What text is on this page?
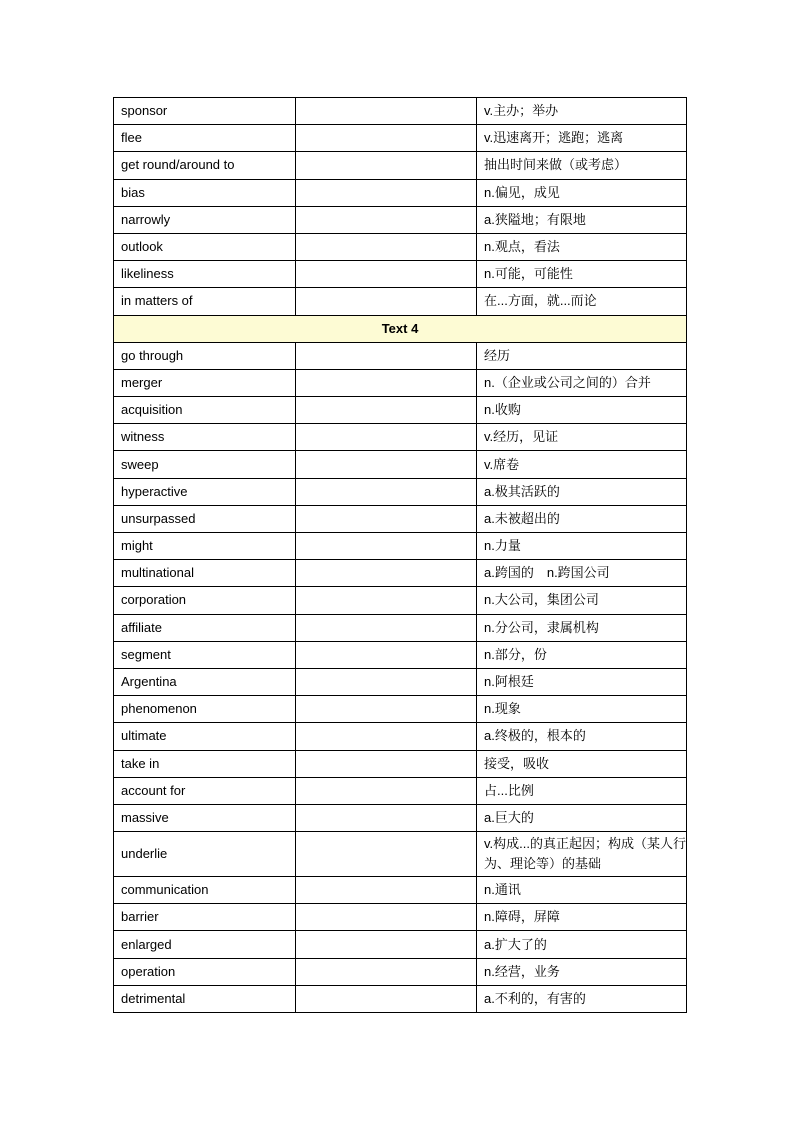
sponsor		v.主办；举办
flee		v.迅速离开；逃跑；逃离
get round/around to		抽出时间来做（或考虑）
bias		n.偏见，成见
narrowly		a.狭隘地；有限地
outlook		n.观点，看法
likeliness		n.可能，可能性
in matters of		在...方面，就...而论
Text 4		
go through		经历
merger		n.（企业或公司之间的）合并
acquisition		n.收购
witness		v.经历，见证
sweep		v.席卷
hyperactive		a.极其活跃的
unsurpassed		a.未被超出的
might		n.力量
multinational		a.跨国的　n.跨国公司
corporation		n.大公司，集团公司
affiliate		n.分公司，隶属机构
segment		n.部分，份
Argentina		n.阿根廷
phenomenon		n.现象
ultimate		a.终极的，根本的
take in		接受，吸收
account for		占...比例
massive		a.巨大的
underlie		v.构成...的真正起因；构成（某人行为、理论等）的基础
communication		n.通讯
barrier		n.障碍，屏障
enlarged		a.扩大了的
operation		n.经营，业务
detrimental		a.不利的，有害的
